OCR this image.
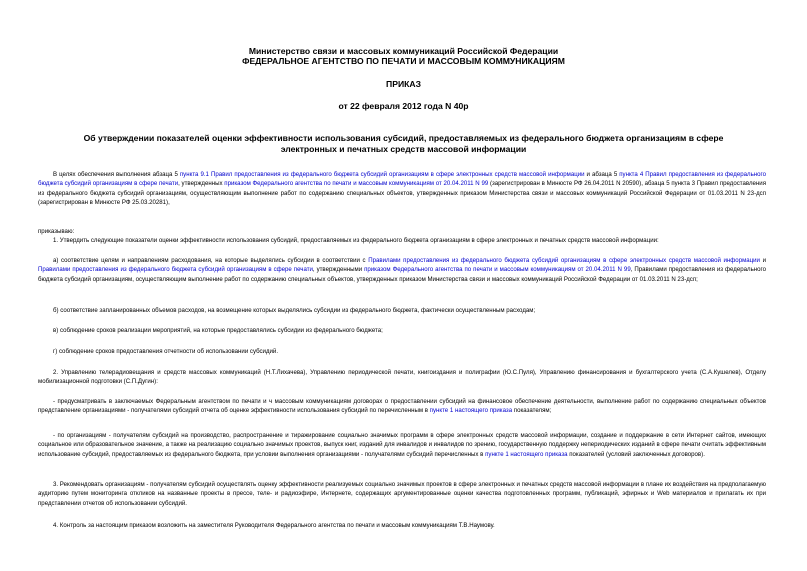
Министерство связи и массовых коммуникаций Российской Федерации
ФЕДЕРАЛЬНОЕ АГЕНТСТВО ПО ПЕЧАТИ И МАССОВЫМ КОММУНИКАЦИЯМ
ПРИКАЗ
от 22 февраля 2012 года N 40р
Об утверждении показателей оценки эффективности использования субсидий, предоставляемых из федерального бюджета организациям в сфере электронных и печатных средств массовой информации
В целях обеспечения выполнения абзаца 5 пункта 9.1 Правил предоставления из федерального бюджета субсидий организациям в сфере электронных средств массовой информации и абзаца 5 пункта 4 Правил предоставления из федерального бюджета субсидий организациям в сфере печати, утвержденных приказом Федерального агентства по печати и массовым коммуникациям от 20.04.2011 N 99 (зарегистрирован в Минюсте РФ 26.04.2011 N 20590), абзаца 5 пункта 3 Правил предоставления из федерального бюджета субсидий организациям, осуществляющим выполнение работ по содержанию специальных объектов, утвержденных приказом Министерства связи и массовых коммуникаций Российской Федерации от 01.03.2011 N 23-дсп (зарегистрирован в Минюсте РФ 25.03.20281),
приказываю:
1. Утвердить следующие показатели оценки эффективности использования субсидий, предоставляемых из федерального бюджета организациям в сфере электронных и печатных средств массовой информации:
а) соответствие целям и направлениям расходования, на которые выделялись субсидии в соответствии с Правилами предоставления из федерального бюджета субсидий организациям в сфере электронных средств массовой информации и Правилами предоставления из федерального бюджета субсидий организациям в сфере печати, утвержденными приказом Федерального агентства по печати и массовым коммуникациям от 20.04.2011 N 99, Правилами предоставления из федерального бюджета субсидий организациям, осуществляющим выполнение работ по содержанию специальных объектов, утвержденных приказом Министерства связи и массовых коммуникаций Российской Федерации от 01.03.2011 N 23-дсп;
б) соответствие запланированных объемов расходов, на возмещение которых выделялись субсидии из федерального бюджета, фактически осуществленным расходам;
в) соблюдение сроков реализации мероприятий, на которые предоставлялись субсидии из федерального бюджета;
г) соблюдение сроков предоставления отчетности об использовании субсидий.
2. Управлению телерадиовещания и средств массовых коммуникаций (Н.Т.Лихачева), Управлению периодической печати, книгоиздания и полиграфии (Ю.С.Пуля), Управлению финансирования и бухгалтерского учета (С.А.Кушелев), Отделу мобилизационной подготовки (С.П.Дугин):
- предусматривать в заключаемых Федеральным агентством по печати и ч массовым коммуникациям договорах о предоставлении субсидий на финансовое обеспечение деятельности, выполнение работ по содержанию специальных объектов представление организациями - получателями субсидий отчета об оценке эффективности использования субсидий по перечисленным в пункте 1 настоящего приказа показателям;
- по организациям - получателям субсидий на производство, распространение и тиражирование социально значимых программ в сфере электронных средств массовой информации, создание и поддержание в сети Интернет сайтов, имеющих социальное или образовательное значение, а также на реализацию социально значимых проектов, выпуск книг, изданий для инвалидов и инвалидов по зрению, государственную поддержку непериодических изданий в сфере печати считать эффективным использование субсидий, предоставляемых из федерального бюджета, при условии выполнения организациями - получателями субсидий перечисленных в пункте 1 настоящего приказа показателей (условий заключенных договоров).
3. Рекомендовать организациям - получателям субсидий осуществлять оценку эффективности реализуемых социально значимых проектов в сфере электронных и печатных средств массовой информации в плане их воздействия на предполагаемую аудиторию путем мониторинга откликов на названные проекты в прессе, теле- и радиоэфире, Интернете, содержащих аргументированные оценки качества подготовленных программ, публикаций, эфирных и Web материалов и прилагать их при представлении отчетов об использовании субсидий.
4. Контроль за настоящим приказом возложить на заместителя Руководителя Федерального агентства по печати и массовым коммуникациям Т.В.Наумову.
